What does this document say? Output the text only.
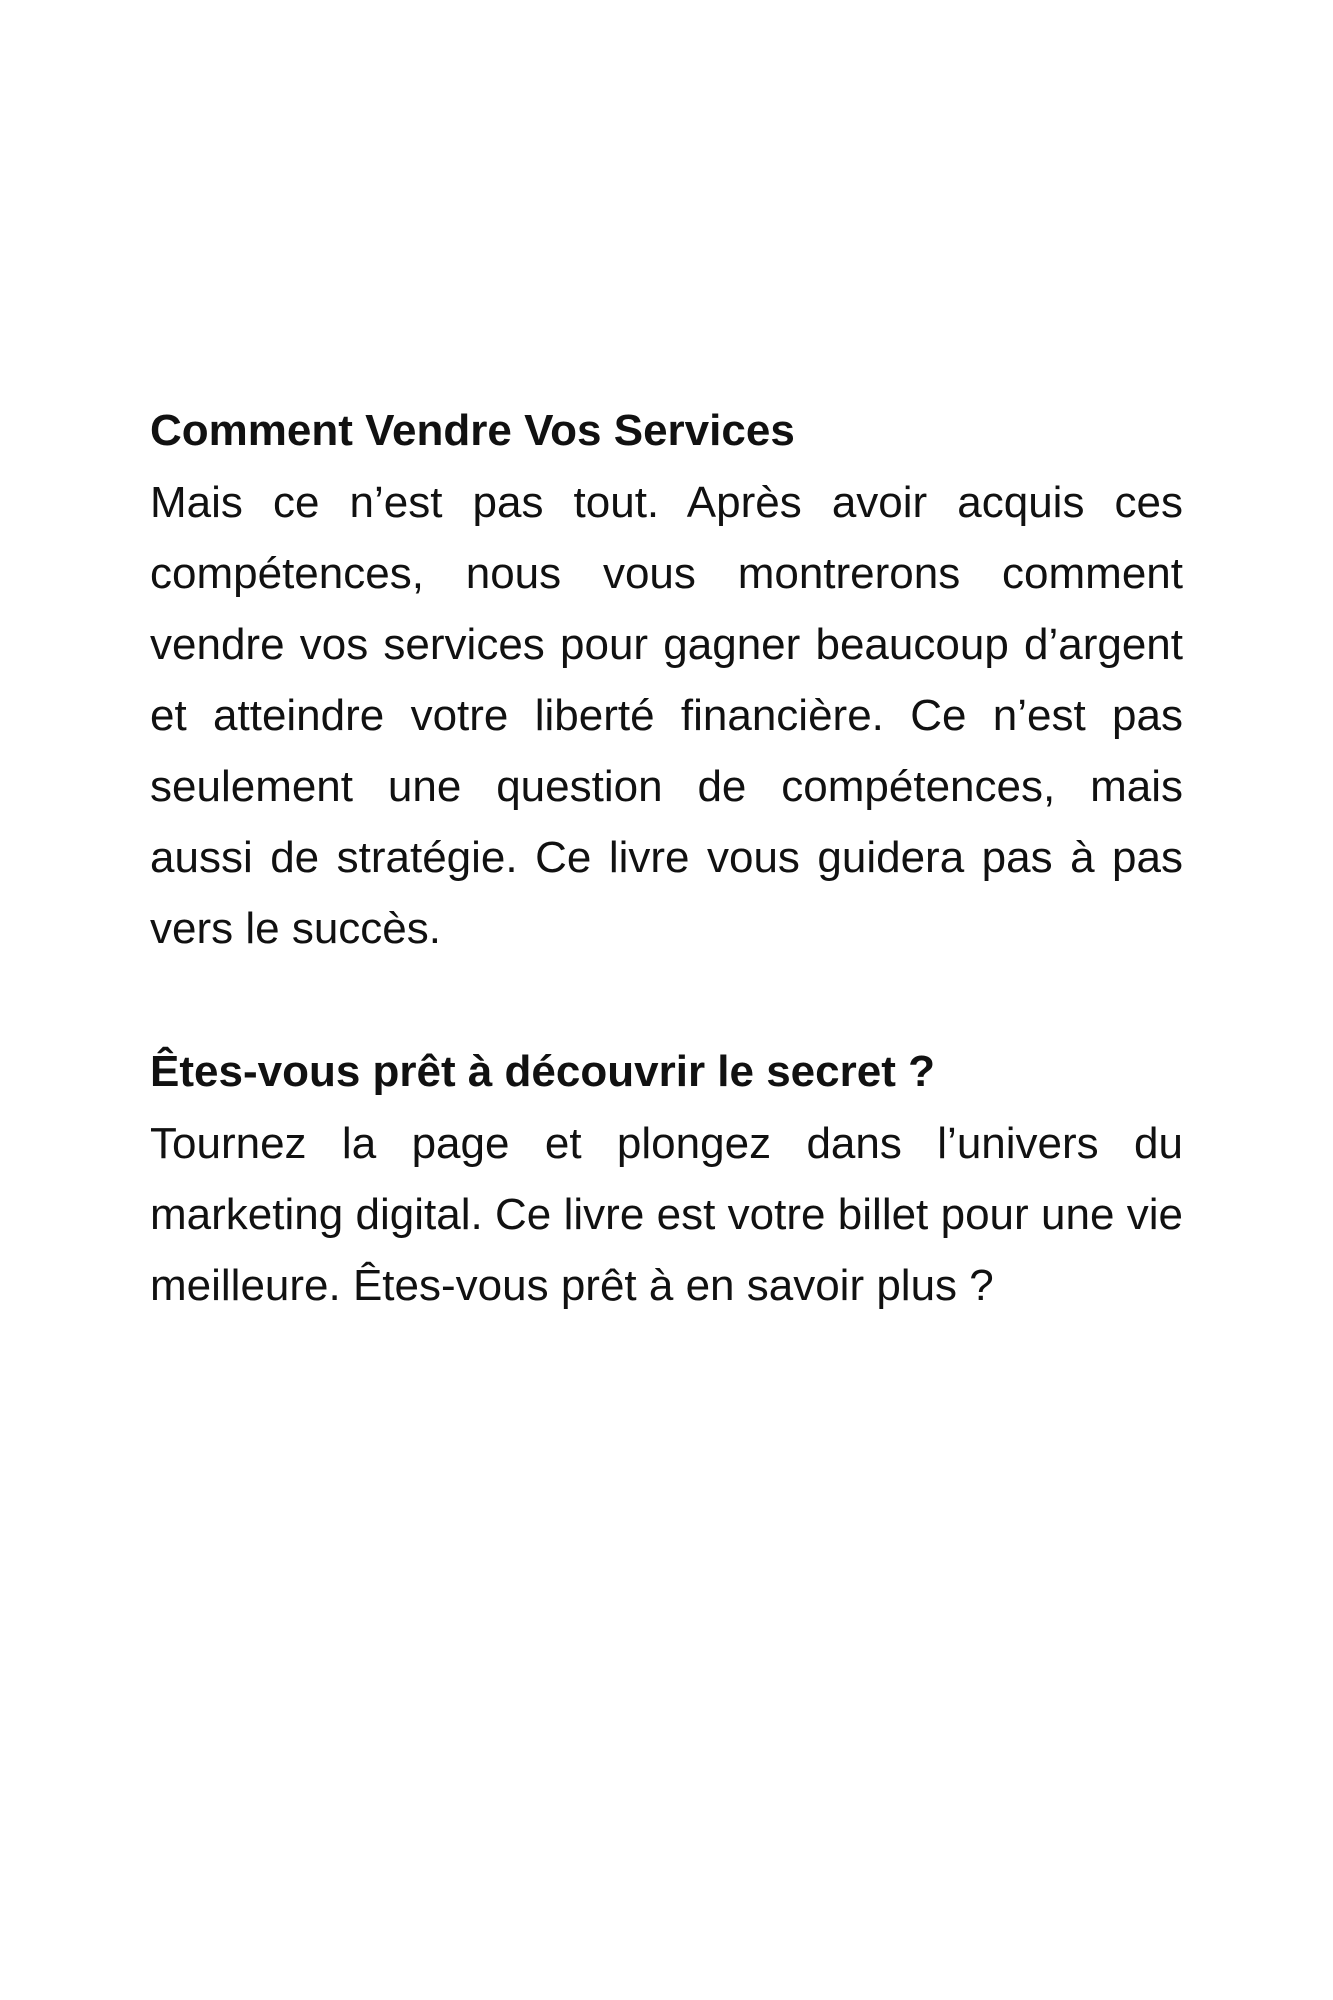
Comment Vendre Vos Services

Mais ce n’est pas tout. Après avoir acquis ces compétences, nous vous montrerons comment vendre vos services pour gagner beaucoup d’argent et atteindre votre liberté financière. Ce n’est pas seulement une question de compétences, mais aussi de stratégie. Ce livre vous guidera pas à pas vers le succès.

Êtes-vous prêt à découvrir le secret ?

Tournez la page et plongez dans l’univers du marketing digital. Ce livre est votre billet pour une vie meilleure. Êtes-vous prêt à en savoir plus ?
